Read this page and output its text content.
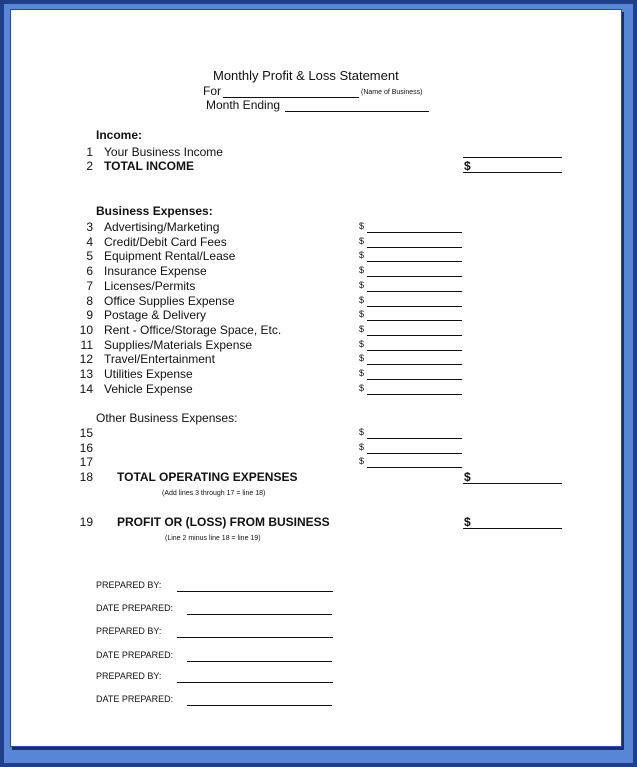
Monthly Profit & Loss Statement
For	(Name of Business)
Month Ending
Income:
1 Your Business Income
2 TOTAL INCOME	$
Business Expenses:
3 Advertising/Marketing	$
4 Credit/Debit Card Fees	$
5 Equipment Rental/Lease	$
6 Insurance Expense	$
7 Licenses/Permits	$
8 Office Supplies Expense	$
9 Postage & Delivery	$
10 Rent - Office/Storage Space, Etc.	$
11 Supplies/Materials Expense	$
12 Travel/Entertainment	$
13 Utilities Expense	$
14 Vehicle Expense	$
Other Business Expenses:
15	$
16	$
17	$
18 TOTAL OPERATING EXPENSES	$
(Add lines 3 through 17 = line 18)
19 PROFIT OR (LOSS) FROM BUSINESS	$
(Line 2 minus line 18 = line 19)
PREPARED BY:
DATE PREPARED:
PREPARED BY:
DATE PREPARED:
PREPARED BY:
DATE PREPARED:
